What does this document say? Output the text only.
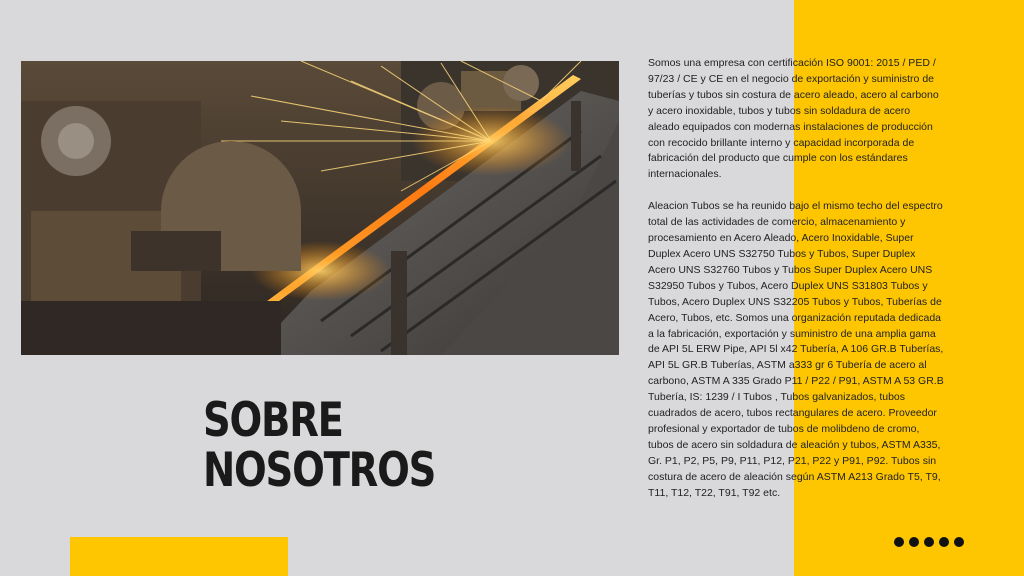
SOBRE
NOSOTROS

Somos una empresa con certificación ISO 9001: 2015 / PED / 97/23 / CE y CE en el negocio de exportación y suministro de tuberías y tubos sin costura de acero aleado, acero al carbono y acero inoxidable, tubos y tubos sin soldadura de acero aleado equipados con modernas instalaciones de producción con recocido brillante interno y capacidad incorporada de fabricación del producto que cumple con los estándares internacionales.

Aleacion Tubos se ha reunido bajo el mismo techo del espectro total de las actividades de comercio, almacenamiento y procesamiento en Acero Aleado, Acero Inoxidable, Super Duplex Acero UNS S32750 Tubos y Tubos, Super Duplex Acero UNS S32760 Tubos y Tubos Super Duplex Acero UNS S32950 Tubos y Tubos, Acero Duplex UNS S31803 Tubos y Tubos, Acero Duplex UNS S32205 Tubos y Tubos, Tuberías de Acero, Tubos, etc. Somos una organización reputada dedicada a la fabricación, exportación y suministro de una amplia gama de API 5L ERW Pipe, API 5l x42 Tubería, A 106 GR.B Tuberías, API 5L GR.B Tuberías, ASTM a333 gr 6 Tubería de acero al carbono, ASTM A 335 Grado P11 / P22 / P91, ASTM A 53 GR.B Tubería, IS: 1239 / I Tubos , Tubos galvanizados, tubos cuadrados de acero, tubos rectangulares de acero. Proveedor profesional y exportador de tubos de molibdeno de cromo, tubos de acero sin soldadura de aleación y tubos, ASTM A335, Gr. P1, P2, P5, P9, P11, P12, P21, P22 y P91, P92. Tubos sin costura de acero de aleación según ASTM A213 Grado T5, T9, T11, T12, T22, T91, T92 etc.
